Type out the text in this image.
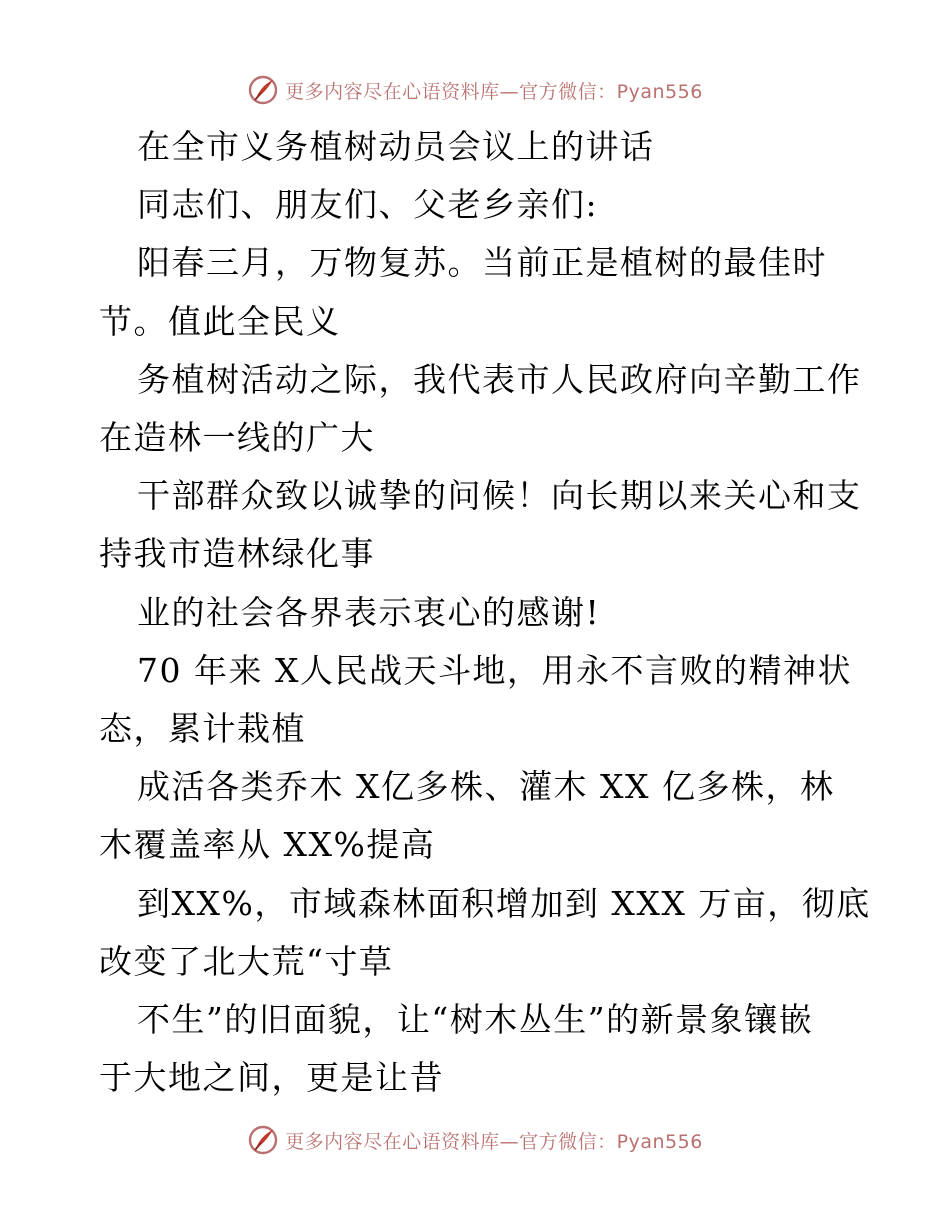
更多内容尽在心语资料库—官方微信：Pyan556
在全市义务植树动员会议上的讲话
同志们、朋友们、父老乡亲们:
阳春三月，万物复苏。当前正是植树的最佳时
节。值此全民义
务植树活动之际，我代表市人民政府向辛勤工作
在造林一线的广大
干部群众致以诚挚的问候！向长期以来关心和支
持我市造林绿化事
业的社会各界表示衷心的感谢!
70 年来 X人民战天斗地，用永不言败的精神状
态，累计栽植
成活各类乔木 X亿多株、灌木 XX 亿多株，林
木覆盖率从 XX%提高
到XX%，市域森林面积增加到 XXX 万亩，彻底
改变了北大荒“寸草
不生”的旧面貌，让“树木丛生”的新景象镶嵌
于大地之间，更是让昔
更多内容尽在心语资料库—官方微信：Pyan556
